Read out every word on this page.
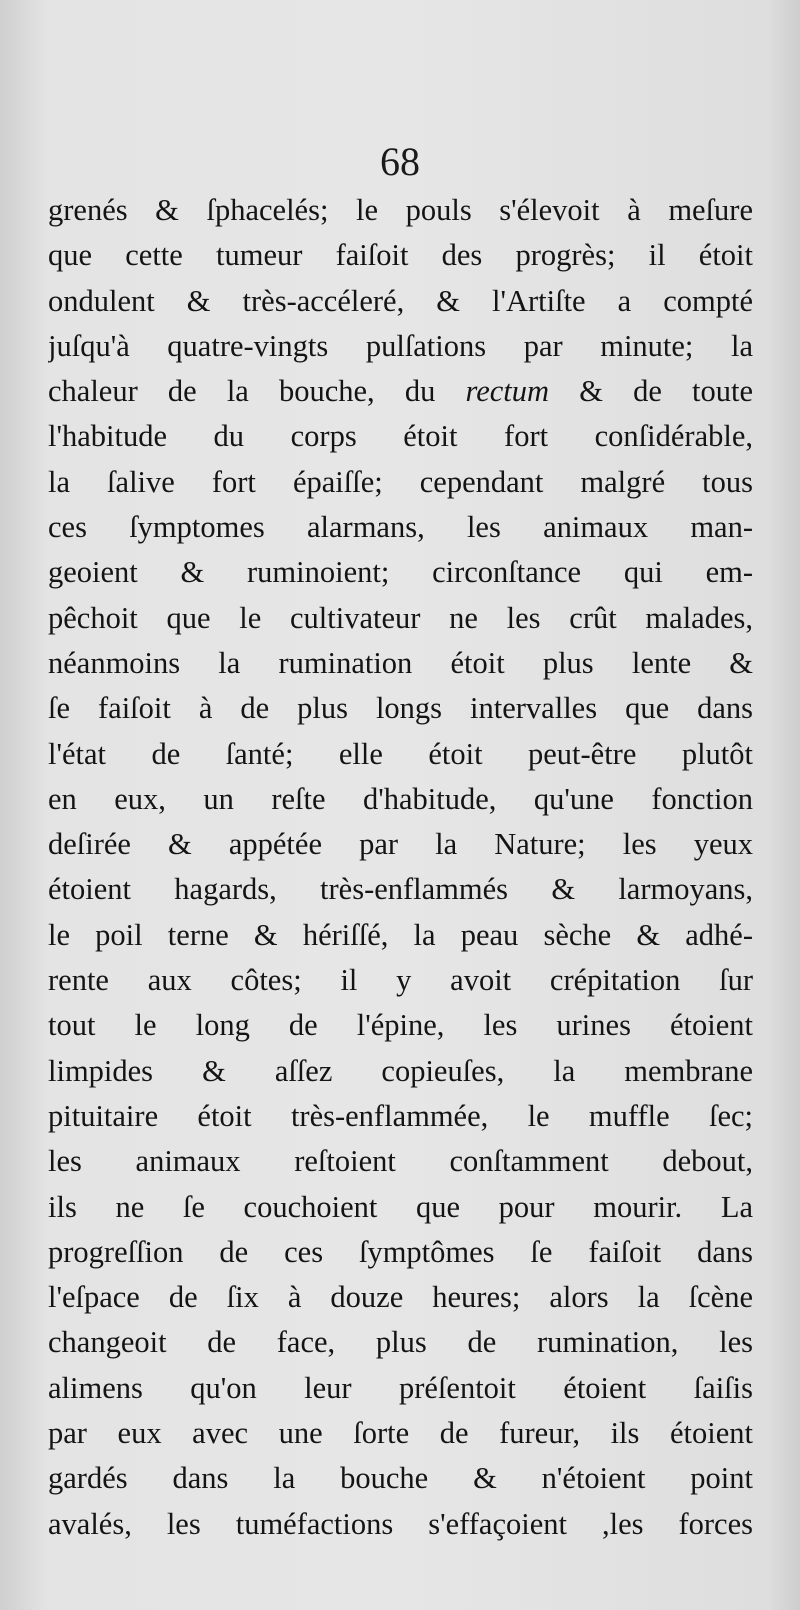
68
grenés & ſphacelés; le pouls s'élevoit à meſure
que cette tumeur faiſoit des progrès; il étoit
ondulent & très-accéleré, & l'Artiſte a compté
juſqu'à quatre-vingts pulſations par minute; la
chaleur de la bouche, du rectum & de toute
l'habitude du corps étoit fort conſidérable,
la ſalive fort épaiſſe; cependant malgré tous
ces ſymptomes alarmans, les animaux man-
geoient & ruminoient; circonſtance qui em-
pêchoit que le cultivateur ne les crût malades,
néanmoins la rumination étoit plus lente &
ſe faiſoit à de plus longs intervalles que dans
l'état de ſanté; elle étoit peut-être plutôt
en eux, un reſte d'habitude, qu'une fonction
deſirée & appétée par la Nature; les yeux
étoient hagards, très-enflammés & larmoyans,
le poil terne & hériſſé, la peau sèche & adhé-
rente aux côtes; il y avoit crépitation ſur
tout le long de l'épine, les urines étoient
limpides & aſſez copieuſes, la membrane
pituitaire étoit très-enflammée, le muffle ſec;
les animaux reſtoient conſtamment debout,
ils ne ſe couchoient que pour mourir. La
progreſſion de ces ſymptômes ſe faiſoit dans
l'eſpace de ſix à douze heures; alors la ſcène
changeoit de face, plus de rumination, les
alimens qu'on leur préſentoit étoient ſaiſis
par eux avec une ſorte de fureur, ils étoient
gardés dans la bouche & n'étoient point
avalés, les tuméfactions s'effaçoient ,les forces
